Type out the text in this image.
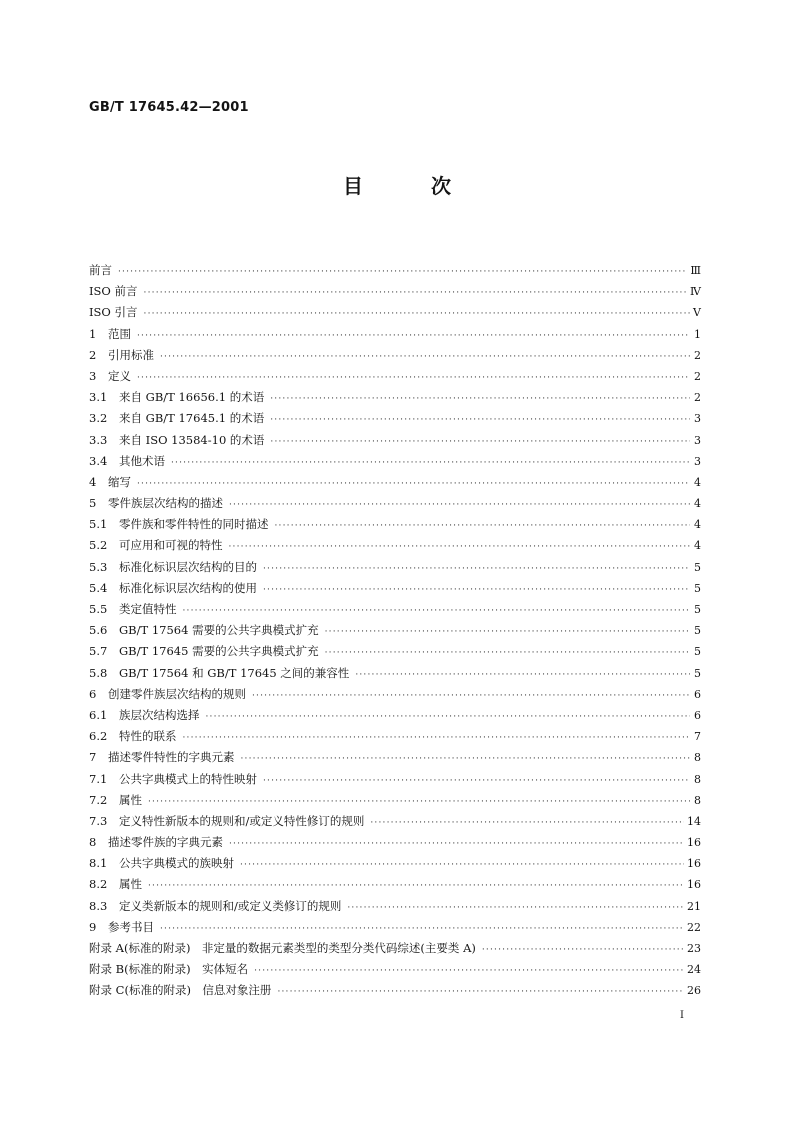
GB/T 17645.42—2001
目次
前言 ·····	Ⅲ
ISO 前言 ·····	Ⅳ
ISO 引言 ·····	Ⅴ
1	范围 ·····	1
2	引用标准 ·····	2
3	定义 ·····	2
3.1	来自 GB/T 16656.1 的术语 ·····	2
3.2	来自 GB/T 17645.1 的术语 ·····	3
3.3	来自 ISO 13584-10 的术语 ·····	3
3.4	其他术语 ·····	3
4	缩写 ·····	4
5	零件族层次结构的描述 ·····	4
5.1	零件族和零件特性的同时描述 ·····	4
5.2	可应用和可视的特性 ·····	4
5.3	标准化标识层次结构的目的 ·····	5
5.4	标准化标识层次结构的使用 ·····	5
5.5	类定值特性 ·····	5
5.6	GB/T 17564 需要的公共字典模式扩充 ·····	5
5.7	GB/T 17645 需要的公共字典模式扩充 ·····	5
5.8	GB/T 17564 和 GB/T 17645 之间的兼容性 ·····	5
6	创建零件族层次结构的规则 ·····	6
6.1	族层次结构选择 ·····	6
6.2	特性的联系 ·····	7
7	描述零件特性的字典元素 ·····	8
7.1	公共字典模式上的特性映射 ·····	8
7.2	属性 ·····	8
7.3	定义特性新版本的规则和/或定义特性修订的规则 ·····	14
8	描述零件族的字典元素 ·····	16
8.1	公共字典模式的族映射 ·····	16
8.2	属性 ·····	16
8.3	定义类新版本的规则和/或定义类修订的规则 ·····	21
9	参考书目 ·····	22
附录 A(标准的附录)　非定量的数据元素类型的类型分类代码综述(主要类 A) ·····	23
附录 B(标准的附录)　实体短名 ·····	24
附录 C(标准的附录)　信息对象注册 ·····	26
I
